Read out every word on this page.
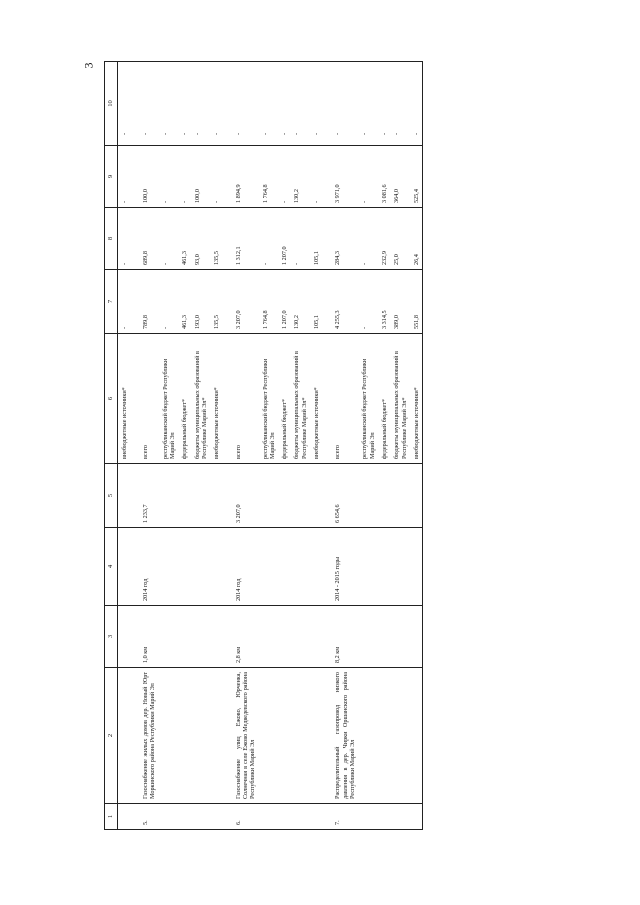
3
1	2	3	4	5	6	7	8	9	10
					внебюджетные источники*	-	-	-	-
5.	Газоснабжение жилых домов дер. Новый Юрт Моркинского района Республики Марий Эл	1,0 км	2014 год	1 233,7	всего	789,8	689,8	100,0	-
					республиканский бюджет Республики Марий Эл	-	-	-	-
					федеральный бюджет*	461,3	461,3	-	-
					бюджеты муниципальных образований в Республике Марий Эл*	193,0	93,0	100,0	-
					внебюджетные источники*	135,5	135,5	-	-
6.	Газоснабжение улиц Ежово, Юрченка, Солнечная в селе Ежово Медведевского района Республики Марий Эл	2,8 км	2014 год	3 207,0	всего	3 207,0	1 312,1	1 894,9	-
					республиканский бюджет Республики Марий Эл	1 764,8	-	1 764,8	-
					федеральный бюджет*	1 207,0	1 207,0	-	-
					бюджеты муниципальных образований в Республике Марий Эл*	130,2	-	130,2	-
					внебюджетные источники*	105,1	105,1	-	-
7.	Распределительный газопровод низкого давления в дер. Чирки Оршанского района Республики Марий Эл	8,2 км	2014 - 2015 годы	6 654,6	всего	4 255,3	284,3	3 971,0	-
					республиканский бюджет Республики Марий Эл	-	-	-	-
					федеральный бюджет*	3 314,5	232,9	3 081,6	-
					бюджеты муниципальных образований в Республике Марий Эл*	389,0	25,0	364,0	-
					внебюджетные источники*	551,8	26,4	525,4	-
